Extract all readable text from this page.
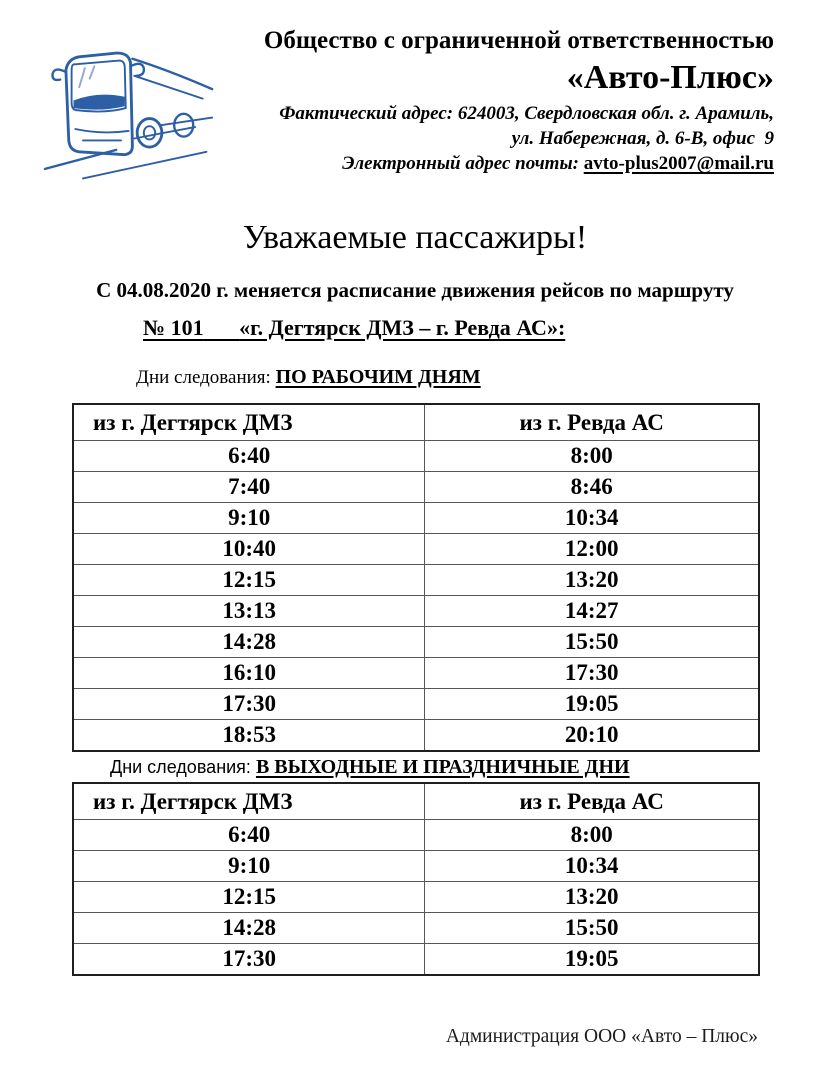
Общество с ограниченной ответственностью
«Авто-Плюс»
Фактический адрес: 624003, Свердловская обл. г. Арамиль,
ул. Набережная, д. 6-В, офис  9
Электронный адрес почты: avto-plus2007@mail.ru
Уважаемые пассажиры!
С 04.08.2020 г. меняется расписание движения рейсов по маршруту
№ 101 «г. Дегтярск ДМЗ – г. Ревда АС»:
Дни следования: ПО РАБОЧИМ ДНЯМ
из г. Дегтярск ДМЗ	из г. Ревда АС
6:40	8:00
7:40	8:46
9:10	10:34
10:40	12:00
12:15	13:20
13:13	14:27
14:28	15:50
16:10	17:30
17:30	19:05
18:53	20:10
Дни следования: В ВЫХОДНЫЕ И ПРАЗДНИЧНЫЕ ДНИ
из г. Дегтярск ДМЗ	из г. Ревда АС
6:40	8:00
9:10	10:34
12:15	13:20
14:28	15:50
17:30	19:05
Администрация ООО «Авто – Плюс»
